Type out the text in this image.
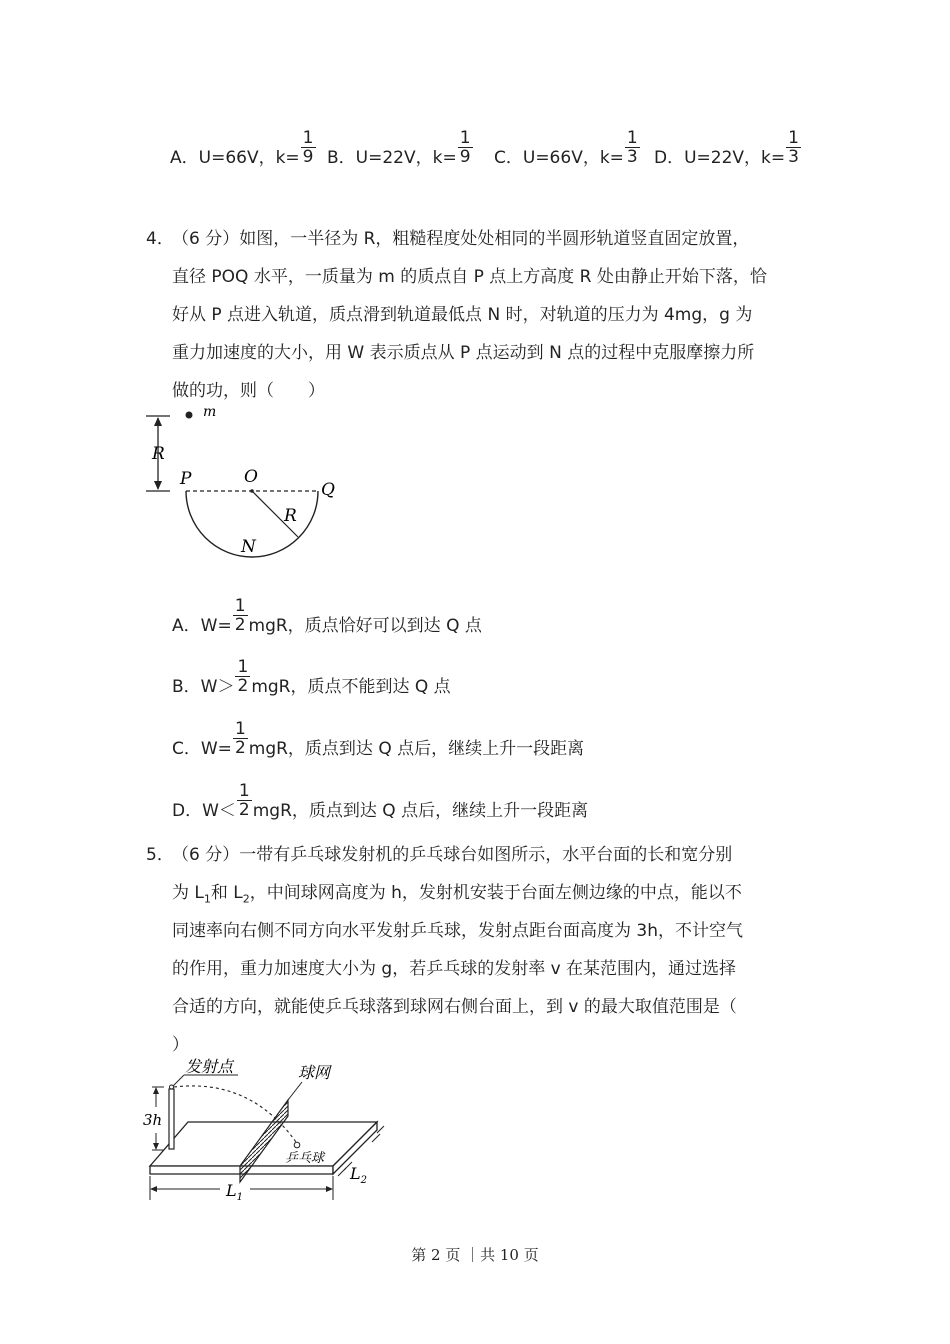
A．U=66V，$k= \frac{1}{9}$ B．U=22V，$k= \frac{1}{9}$ C．U=66V，$k= \frac{1}{3}$ D．U=22V，$k= \frac{1}{3}$
4．
（6 分）如图，一半径为 R，粗糙程度处处相同的半圆形轨道竖直固定放置，
直径 POQ 水平，一质量为 m 的质点自 P 点上方高度 R 处由静止开始下落，恰
好从 P 点进入轨道，质点滑到轨道最低点 N 时，对轨道的压力为 4mg，g 为
重力加速度的大小，用 W 表示质点从 P 点运动到 N 点的过程中克服摩擦力所
做的功，则（　　）
m
R
P	O
Q
R
N
A．$W= \frac{1}{2}$ mgR，质点恰好可以到达 Q 点
B．$W> \frac{1}{2}$ mgR，质点不能到达 Q 点
C．$W= \frac{1}{2}$ mgR，质点到达 Q 点后，继续上升一段距离
D．$W< \frac{1}{2}$ mgR，质点到达 Q 点后，继续上升一段距离
5．
（6 分）一带有乒乓球发射机的乒乓球台如图所示，水平台面的长和宽分别
为 $L_1$和 $L_2$，中间球网高度为 h，发射机安装于台面左侧边缘的中点，能以不
同速率向右侧不同方向水平发射乒乓球，发射点距台面高度为 3h，不计空气
的作用，重力加速度大小为 g，若乒乓球的发射率 v 在某范围内，通过选择
合适的方向，就能使乒乓球落到球网右侧台面上，到 v 的最大取值范围是（
）
3h
发射点	球网
乒乓球
$L_1$
$L_2$
第 2 页 ｜共 10 页
